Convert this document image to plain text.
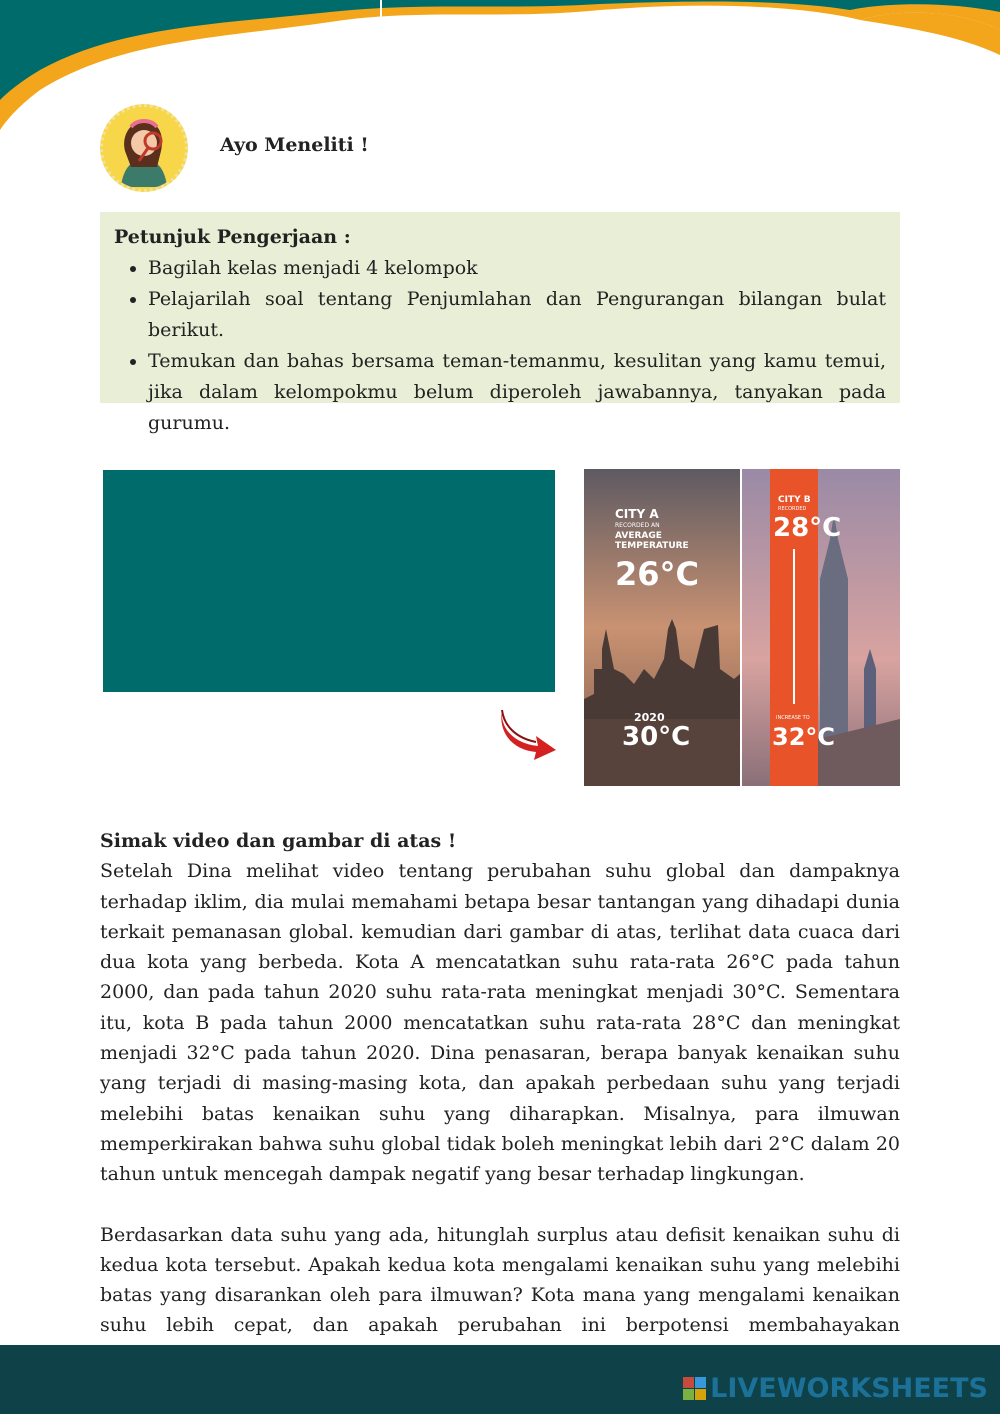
Ayo Meneliti !

Petunjuk Pengerjaan :

• Bagilah kelas menjadi 4 kelompok
• Pelajarilah soal tentang Penjumlahan dan Pengurangan bilangan bulat berikut.
• Temukan dan bahas bersama teman-temanmu, kesulitan yang kamu temui, jika dalam kelompokmu belum diperoleh jawabannya, tanyakan pada gurumu.
CITY A
RECORDED AN
AVERAGE
TEMPERATURE
26°C
2020
30°C
CITY B
RECORDED
28°C
INCREASE TO
32°C

Simak video dan gambar di atas !

Setelah Dina melihat video tentang perubahan suhu global dan dampaknya terhadap iklim, dia mulai memahami betapa besar tantangan yang dihadapi dunia terkait pemanasan global. kemudian dari gambar di atas, terlihat data cuaca dari dua kota yang berbeda. Kota A mencatatkan suhu rata-rata 26°C pada tahun 2000, dan pada tahun 2020 suhu rata-rata meningkat menjadi 30°C. Sementara itu, kota B pada tahun 2000 mencatatkan suhu rata-rata 28°C dan meningkat menjadi 32°C pada tahun 2020. Dina penasaran, berapa banyak kenaikan suhu yang terjadi di masing-masing kota, dan apakah perbedaan suhu yang terjadi melebihi batas kenaikan suhu yang diharapkan. Misalnya, para ilmuwan memperkirakan bahwa suhu global tidak boleh meningkat lebih dari 2°C dalam 20 tahun untuk mencegah dampak negatif yang besar terhadap lingkungan.

Berdasarkan data suhu yang ada, hitunglah surplus atau defisit kenaikan suhu di kedua kota tersebut. Apakah kedua kota mengalami kenaikan suhu yang melebihi batas yang disarankan oleh para ilmuwan? Kota mana yang mengalami kenaikan suhu lebih cepat, dan apakah perubahan ini berpotensi membahayakan

LIVEWORKSHEETS
